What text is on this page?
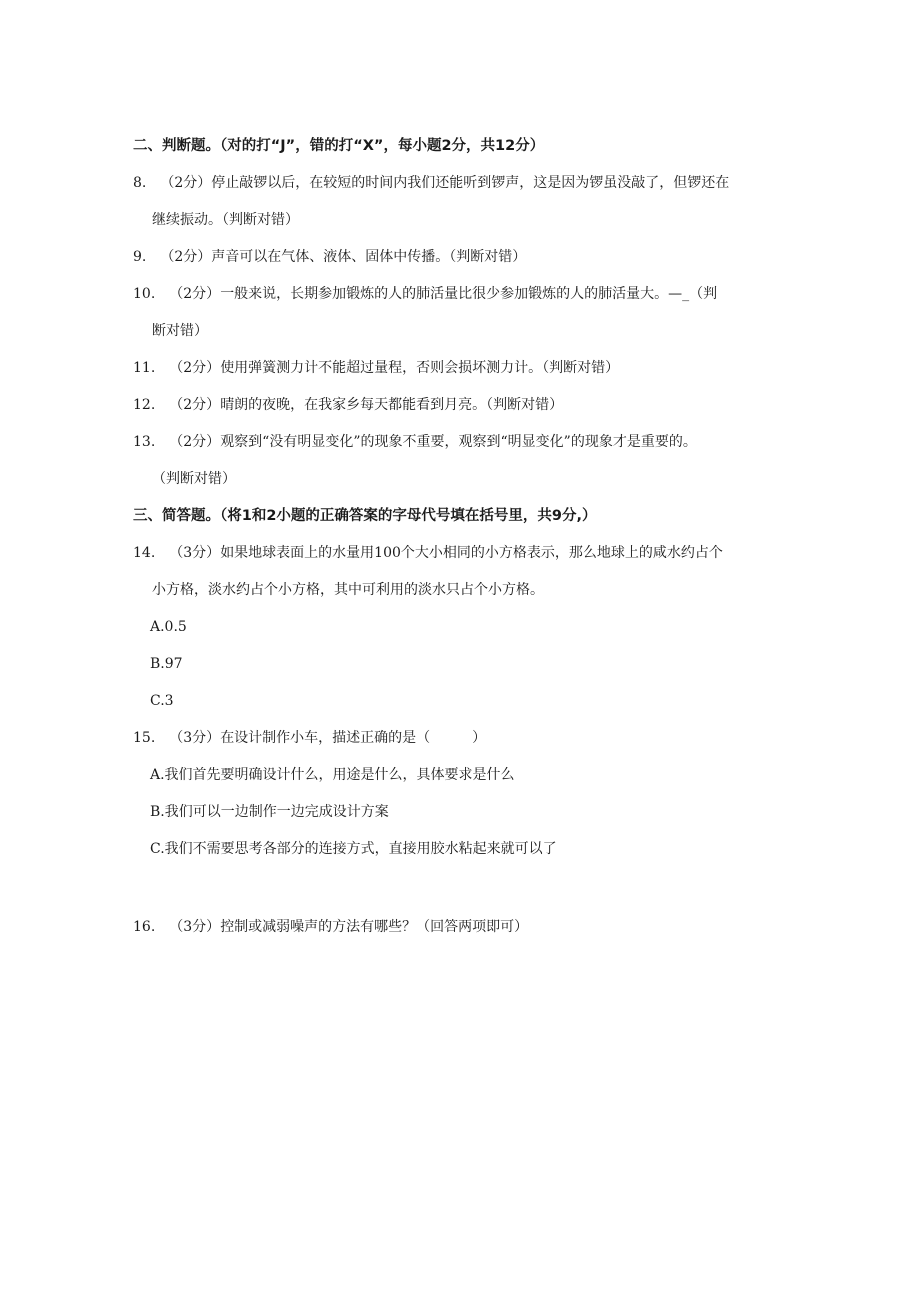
二、判断题。（对的打“J”，错的打“X”，每小题2分，共12分）
8. （2分）停止敲锣以后，在较短的时间内我们还能听到锣声，这是因为锣虽没敲了，但锣还在
继续振动。（判断对错）
9. （2分）声音可以在气体、液体、固体中传播。（判断对错）
10. （2分）一般来说，长期参加锻炼的人的肺活量比很少参加锻炼的人的肺活量大。—_（判
断对错）
11. （2分）使用弹簧测力计不能超过量程，否则会损坏测力计。（判断对错）
12. （2分）晴朗的夜晚，在我家乡每天都能看到月亮。（判断对错）
13. （2分）观察到“没有明显变化”的现象不重要，观察到“明显变化”的现象才是重要的。
（判断对错）
三、简答题。（将1和2小题的正确答案的字母代号填在括号里，共9分,）
14. （3分）如果地球表面上的水量用100个大小相同的小方格表示，那么地球上的咸水约占个
小方格，淡水约占个小方格，其中可利用的淡水只占个小方格。
A.0.5
B.97
C.3
15. （3分）在设计制作小车，描述正确的是（　　　）
A.我们首先要明确设计什么，用途是什么，具体要求是什么
B.我们可以一边制作一边完成设计方案
C.我们不需要思考各部分的连接方式，直接用胶水粘起来就可以了
16. （3分）控制或减弱噪声的方法有哪些？（回答两项即可）
